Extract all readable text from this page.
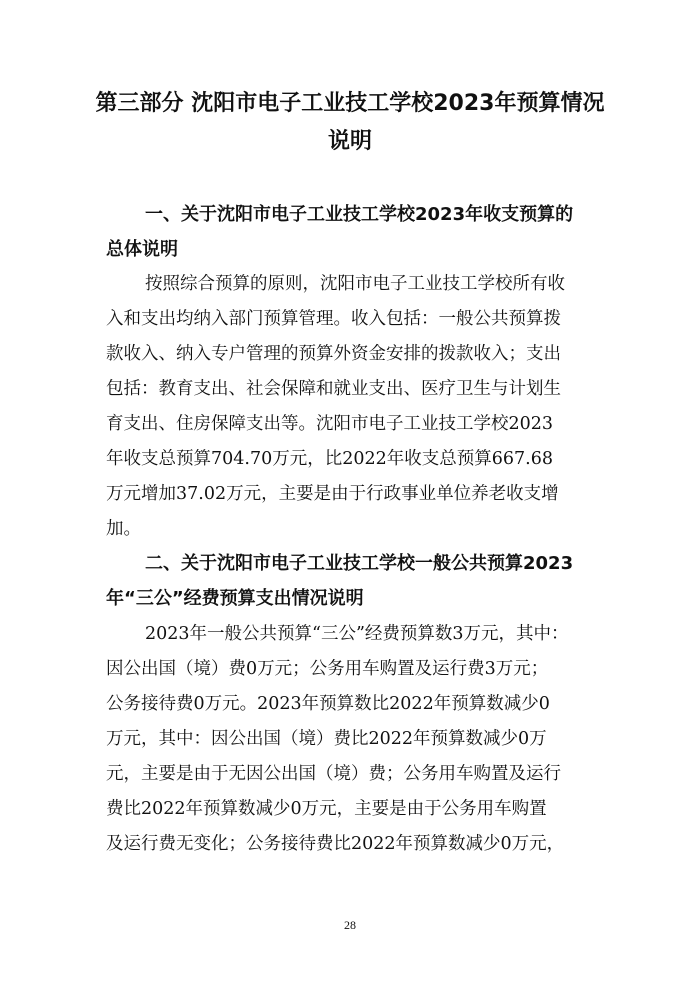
第三部分 沈阳市电子工业技工学校2023年预算情况
说明
一、关于沈阳市电子工业技工学校2023年收支预算的
总体说明
按照综合预算的原则，沈阳市电子工业技工学校所有收
入和支出均纳入部门预算管理。收入包括：一般公共预算拨
款收入、纳入专户管理的预算外资金安排的拨款收入；支出
包括：教育支出、社会保障和就业支出、医疗卫生与计划生
育支出、住房保障支出等。沈阳市电子工业技工学校2023
年收支总预算704.70万元，比2022年收支总预算667.68
万元增加37.02万元，主要是由于行政事业单位养老收支增
加。
二、关于沈阳市电子工业技工学校一般公共预算2023
年“三公”经费预算支出情况说明
2023年一般公共预算“三公”经费预算数3万元，其中：
因公出国（境）费0万元；公务用车购置及运行费3万元；
公务接待费0万元。2023年预算数比2022年预算数减少0
万元，其中：因公出国（境）费比2022年预算数减少0万
元，主要是由于无因公出国（境）费；公务用车购置及运行
费比2022年预算数减少0万元，主要是由于公务用车购置
及运行费无变化；公务接待费比2022年预算数减少0万元，
28
